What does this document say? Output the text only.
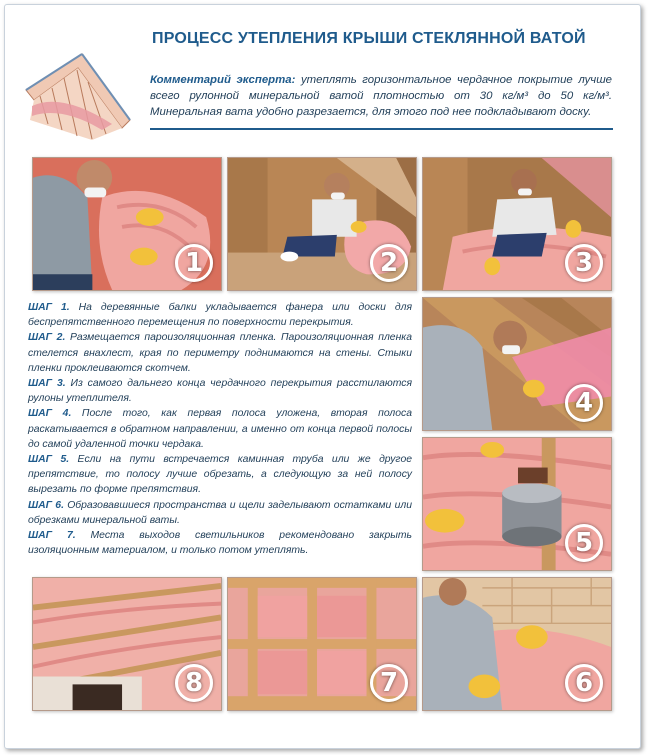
ПРОЦЕСС УТЕПЛЕНИЯ КРЫШИ СТЕКЛЯННОЙ ВАТОЙ
Комментарий эксперта: утеплять горизонтальное чердачное покрытие лучше всего рулонной минеральной ватой плотностью от 30 кг/м³ до 50 кг/м³. Минеральная вата удобно разрезается, для этого под нее подкладывают доску.
1	2	3
4
5
8	7	6

ШАГ 1. На деревянные балки укладывается фанера или доски для беспрепятственного перемещения по поверхности перекрытия.

ШАГ 2. Размещается пароизоляционная пленка. Пароизоляционная пленка стелется внахлест, края по периметру поднимаются на стены. Стыки пленки проклеиваются скотчем.

ШАГ 3. Из самого дальнего конца чердачного перекрытия расстилаются рулоны утеплителя.

ШАГ 4. После того, как первая полоса уложена, вторая полоса раскатывается в обратном направлении, а именно от конца первой полосы до самой удаленной точки чердака.

ШАГ 5. Если на пути встречается каминная труба или же другое препятствие, то полосу лучше обрезать, а следующую за ней полосу вырезать по форме препятствия.

ШАГ 6. Образовавшиеся пространства и щели заделывают остатками или обрезками минеральной ваты.

ШАГ 7. Места выходов светильников рекомендовано закрыть изоляционным материалом, и только потом утеплять.
